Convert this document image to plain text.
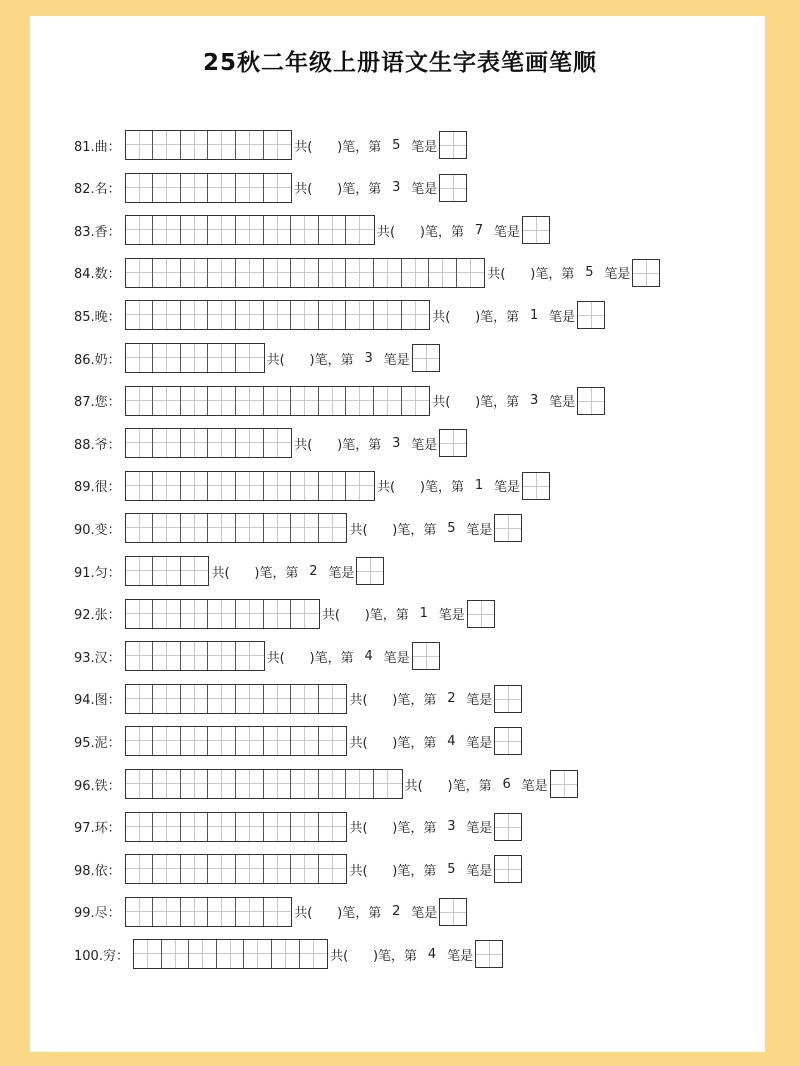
25秋二年级上册语文生字表笔画笔顺
81.曲：	共(      )笔，第 5 笔是
82.名：	共(      )笔，第 3 笔是
83.香：	共(      )笔，第 7 笔是
84.数：	共(      )笔，第 5 笔是
85.晚：	共(      )笔，第 1 笔是
86.奶：	共(      )笔，第 3 笔是
87.您：	共(      )笔，第 3 笔是
88.爷：	共(      )笔，第 3 笔是
89.很：	共(      )笔，第 1 笔是
90.变：	共(      )笔，第 5 笔是
91.匀：	共(      )笔，第 2 笔是
92.张：	共(      )笔，第 1 笔是
93.汉：	共(      )笔，第 4 笔是
94.图：	共(      )笔，第 2 笔是
95.泥：	共(      )笔，第 4 笔是
96.铁：	共(      )笔，第 6 笔是
97.环：	共(      )笔，第 3 笔是
98.依：	共(      )笔，第 5 笔是
99.尽：	共(      )笔，第 2 笔是
100.穷：	共(      )笔，第 4 笔是
